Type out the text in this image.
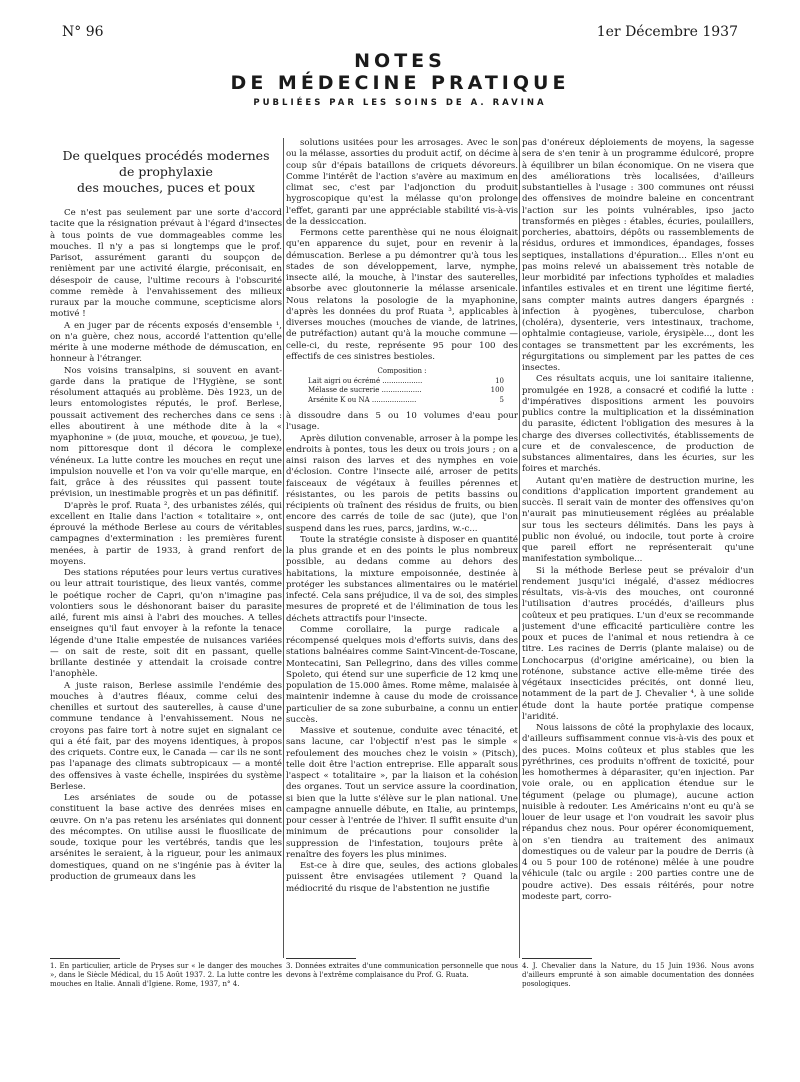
N° 96	1er Décembre 1937
NOTES
DE MÉDECINE PRATIQUE
PUBLIÉES PAR LES SOINS DE A. RAVINA
De quelques procédés modernes
de prophylaxie
des mouches, puces et poux

Ce n'est pas seulement par une sorte d'accord tacite que la résignation prévaut à l'égard d'insectes à tous points de vue dommageables comme les mouches. Il n'y a pas si longtemps que le prof. Parisot, assurément garanti du soupçon de renièment par une activité élargie, préconisait, en désespoir de cause, l'ultime recours à l'obscurité comme remède à l'envahissement des milieux ruraux par la mouche commune, scepticisme alors motivé !

A en juger par de récents exposés d'ensemble ¹, on n'a guère, chez nous, accordé l'attention qu'elle mérite à une moderne méthode de démuscation, en honneur à l'étranger.

Nos voisins transalpins, si souvent en avant-garde dans la pratique de l'Hygiène, se sont résolument attaqués au problème. Dès 1923, un de leurs entomologistes réputés, le prof. Berlese, poussait activement des recherches dans ce sens : elles aboutirent à une méthode dite à la « myaphonine » (de μυια, mouche, et φονευω, je tue), nom pittoresque dont il décora le complexe vénéneux. La lutte contre les mouches en reçut une impulsion nouvelle et l'on va voir qu'elle marque, en fait, grâce à des réussites qui passent toute prévision, un inestimable progrès et un pas définitif.

D'après le prof. Ruata ², des urbanistes zélés, qui excellent en Italie dans l'action « totalitaire », ont éprouvé la méthode Berlese au cours de véritables campagnes d'extermination : les premières furent menées, à partir de 1933, à grand renfort de moyens.

Des stations réputées pour leurs vertus curatives ou leur attrait touristique, des lieux vantés, comme le poétique rocher de Capri, qu'on n'imagine pas volontiers sous le déshonorant baiser du parasite ailé, furent mis ainsi à l'abri des mouches. A telles enseignes qu'il faut envoyer à la refonte la tenace légende d'une Italie empestée de nuisances variées — on sait de reste, soit dit en passant, quelle brillante destinée y attendait la croisade contre l'anophèle.

A juste raison, Berlese assimile l'endémie des mouches à d'autres fléaux, comme celui des chenilles et surtout des sauterelles, à cause d'une commune tendance à l'envahissement. Nous ne croyons pas faire tort à notre sujet en signalant ce qui a été fait, par des moyens identiques, à propos des criquets. Contre eux, le Canada — car ils ne sont pas l'apanage des climats subtropicaux — a monté des offensives à vaste échelle, inspirées du système Berlese.

Les arséniates de soude ou de potasse constituent la base active des denrées mises en œuvre. On n'a pas retenu les arséniates qui donnent des mécomptes. On utilise aussi le fluosilicate de soude, toxique pour les vertébrés, tandis que les arsénites le seraient, à la rigueur, pour les animaux domestiques, quand on ne s'ingénie pas à éviter la production de grumeaux dans les

solutions usitées pour les arrosages. Avec le son ou la mélasse, assorties du produit actif, on décime à coup sûr d'épais bataillons de criquets dévoreurs. Comme l'intérêt de l'action s'avère au maximum en climat sec, c'est par l'adjonction du produit hygroscopique qu'est la mélasse qu'on prolonge l'effet, garanti par une appréciable stabilité vis-à-vis de la dessiccation.

Fermons cette parenthèse qui ne nous éloignait qu'en apparence du sujet, pour en revenir à la démuscation. Berlese a pu démontrer qu'à tous les stades de son développement, larve, nymphe, insecte ailé, la mouche, à l'instar des sauterelles, absorbe avec gloutonnerie la mélasse arsenicale. Nous relatons la posologie de la myaphonine, d'après les données du prof Ruata ³, applicables à diverses mouches (mouches de viande, de latrines, de putréfaction) autant qu'à la mouche commune — celle-ci, du reste, représente 95 pour 100 des effectifs de ces sinistres bestioles.

Composition :
Lait aigri ou écrémé ..................	10
Mélasse de sucrerie ..................	100
Arsénite K ou NA ....................	5

à dissoudre dans 5 ou 10 volumes d'eau pour l'usage.

Après dilution convenable, arroser à la pompe les endroits à pontes, tous les deux ou trois jours ; on a ainsi raison des larves et des nymphes en voie d'éclosion. Contre l'insecte ailé, arroser de petits faisceaux de végétaux à feuilles pérennes et résistantes, ou les parois de petits bassins ou récipients où traînent des résidus de fruits, ou bien encore des carrés de toile de sac (jute), que l'on suspend dans les rues, parcs, jardins, w.-c...

Toute la stratégie consiste à disposer en quantité la plus grande et en des points le plus nombreux possible, au dedans comme au dehors des habitations, la mixture empoisonnée, destinée à protéger les substances alimentaires ou le matériel infecté. Cela sans préjudice, il va de soi, des simples mesures de propreté et de l'élimination de tous les déchets attractifs pour l'insecte.

Comme corollaire, la purge radicale a récompensé quelques mois d'efforts suivis, dans des stations balnéaires comme Saint-Vincent-de-Toscane, Montecatini, San Pellegrino, dans des villes comme Spoleto, qui étend sur une superficie de 12 kmq une population de 15.000 âmes. Rome même, malaisée à maintenir indemne à cause du mode de croissance particulier de sa zone suburbaine, a connu un entier succès.

Massive et soutenue, conduite avec ténacité, et sans lacune, car l'objectif n'est pas le simple « refoulement des mouches chez le voisin » (Pitsch), telle doit être l'action entreprise. Elle apparaît sous l'aspect « totalitaire », par la liaison et la cohésion des organes. Tout un service assure la coordination, si bien que la lutte s'élève sur le plan national. Une campagne annuelle débute, en Italie, au printemps, pour cesser à l'entrée de l'hiver. Il suffit ensuite d'un minimum de précautions pour consolider la suppression de l'infestation, toujours prête à renaître des foyers les plus minimes.

Est-ce à dire que, seules, des actions globales puissent être envisagées utilement ? Quand la médiocrité du risque de l'abstention ne justifie

pas d'onéreux déploiements de moyens, la sagesse sera de s'en tenir à un programme édulcoré, propre à équilibrer un bilan économique. On ne visera que des améliorations très localisées, d'ailleurs substantielles à l'usage : 300 communes ont réussi des offensives de moindre baleine en concentrant l'action sur les points vulnérables, ipso jacto transformés en pièges : étables, écuries, poulaillers, porcheries, abattoirs, dépôts ou rassemblements de résidus, ordures et immondices, épandages, fosses septiques, installations d'épuration... Elles n'ont eu pas moins relevé un abaissement très notable de leur morbidité par infections typhoïdes et maladies infantiles estivales et en tirent une légitime fierté, sans compter maints autres dangers épargnés : infection à pyogènes, tuberculose, charbon (choléra), dysenterie, vers intestinaux, trachome, ophtalmie contagieuse, variole, érysipèle..., dont les contages se transmettent par les excréments, les régurgitations ou simplement par les pattes de ces insectes.

Ces résultats acquis, une loi sanitaire italienne, promulgée en 1928, a consacré et codifié la lutte : d'impératives dispositions arment les pouvoirs publics contre la multiplication et la dissémination du parasite, édictent l'obligation des mesures à la charge des diverses collectivités, établissements de cure et de convalescence, de production de substances alimentaires, dans les écuries, sur les foires et marchés.

Autant qu'en matière de destruction murine, les conditions d'application importent grandement au succès. Il serait vain de monter des offensives qu'on n'aurait pas minutieusement réglées au préalable sur tous les secteurs délimités. Dans les pays à public non évolué, ou indocile, tout porte à croire que pareil effort ne représenterait qu'une manifestation symbolique...

Si la méthode Berlese peut se prévaloir d'un rendement jusqu'ici inégalé, d'assez médiocres résultats, vis-à-vis des mouches, ont couronné l'utilisation d'autres procédés, d'ailleurs plus coûteux et peu pratiques. L'un d'eux se recommande justement d'une efficacité particulière contre les poux et puces de l'animal et nous retiendra à ce titre. Les racines de Derris (plante malaise) ou de Lonchocarpus (d'origine américaine), ou bien la roténone, substance active elle-même tirée des végétaux insecticides précités, ont donné lieu, notamment de la part de J. Chevalier ⁴, à une solide étude dont la haute portée pratique compense l'aridité.

Nous laissons de côté la prophylaxie des locaux, d'ailleurs suffisamment connue vis-à-vis des poux et des puces. Moins coûteux et plus stables que les pyréthrines, ces produits n'offrent de toxicité, pour les homothermes à déparasiter, qu'en injection. Par voie orale, ou en application étendue sur le tégument (pelage ou plumage), aucune action nuisible à redouter. Les Américains n'ont eu qu'à se louer de leur usage et l'on voudrait les savoir plus répandus chez nous. Pour opérer économiquement, on s'en tiendra au traitement des animaux domestiques ou de valeur par la poudre de Derris (à 4 ou 5 pour 100 de roténone) mêlée à une poudre véhicule (talc ou argile : 200 parties contre une de poudre active). Des essais réitérés, pour notre modeste part, corro-

1. En particulier, article de Pryses sur « le danger des mouches », dans le Siècle Médical, du 15 Août 1937. 2. La lutte contre les mouches en Italie. Annali d'Igiene. Rome, 1937, n° 4.

3. Données extraites d'une communication personnelle que nous devons à l'extrême complaisance du Prof. G. Ruata.

4. J. Chevalier dans la Nature, du 15 Juin 1936. Nous avons d'ailleurs emprunté à son aimable documentation des données posologiques.
